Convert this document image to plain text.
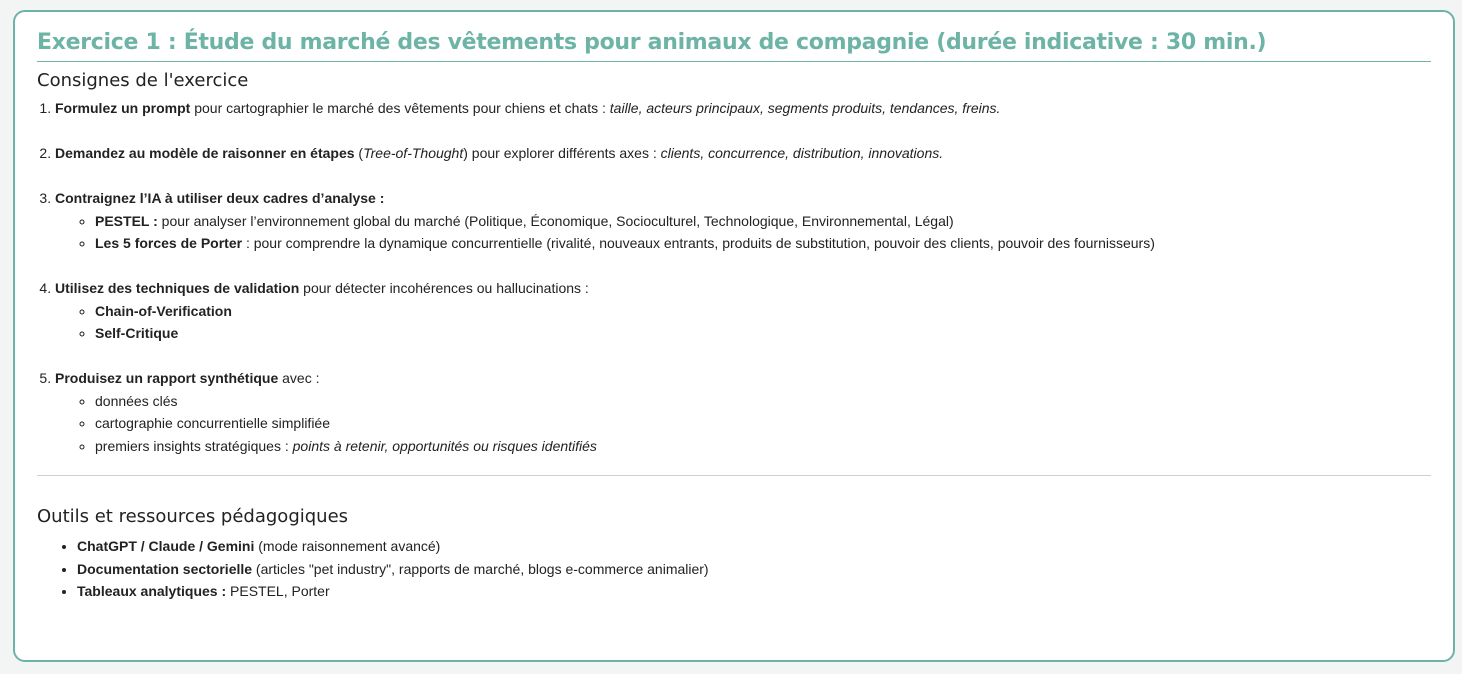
Exercice 1 : Étude du marché des vêtements pour animaux de compagnie (durée indicative : 30 min.)
Consignes de l'exercice
1. Formulez un prompt pour cartographier le marché des vêtements pour chiens et chats : taille, acteurs principaux, segments produits, tendances, freins.
2. Demandez au modèle de raisonner en étapes (Tree-of-Thought) pour explorer différents axes : clients, concurrence, distribution, innovations.
3. Contraignez l’IA à utiliser deux cadres d’analyse :
◦ PESTEL : pour analyser l’environnement global du marché (Politique, Économique, Socioculturel, Technologique, Environnemental, Légal)
◦ Les 5 forces de Porter : pour comprendre la dynamique concurrentielle (rivalité, nouveaux entrants, produits de substitution, pouvoir des clients, pouvoir des fournisseurs)
4. Utilisez des techniques de validation pour détecter incohérences ou hallucinations :
◦ Chain-of-Verification
◦ Self-Critique
5. Produisez un rapport synthétique avec :
◦ données clés
◦ cartographie concurrentielle simplifiée
◦ premiers insights stratégiques : points à retenir, opportunités ou risques identifiés
Outils et ressources pédagogiques
• ChatGPT / Claude / Gemini (mode raisonnement avancé)
• Documentation sectorielle (articles "pet industry", rapports de marché, blogs e-commerce animalier)
• Tableaux analytiques : PESTEL, Porter
